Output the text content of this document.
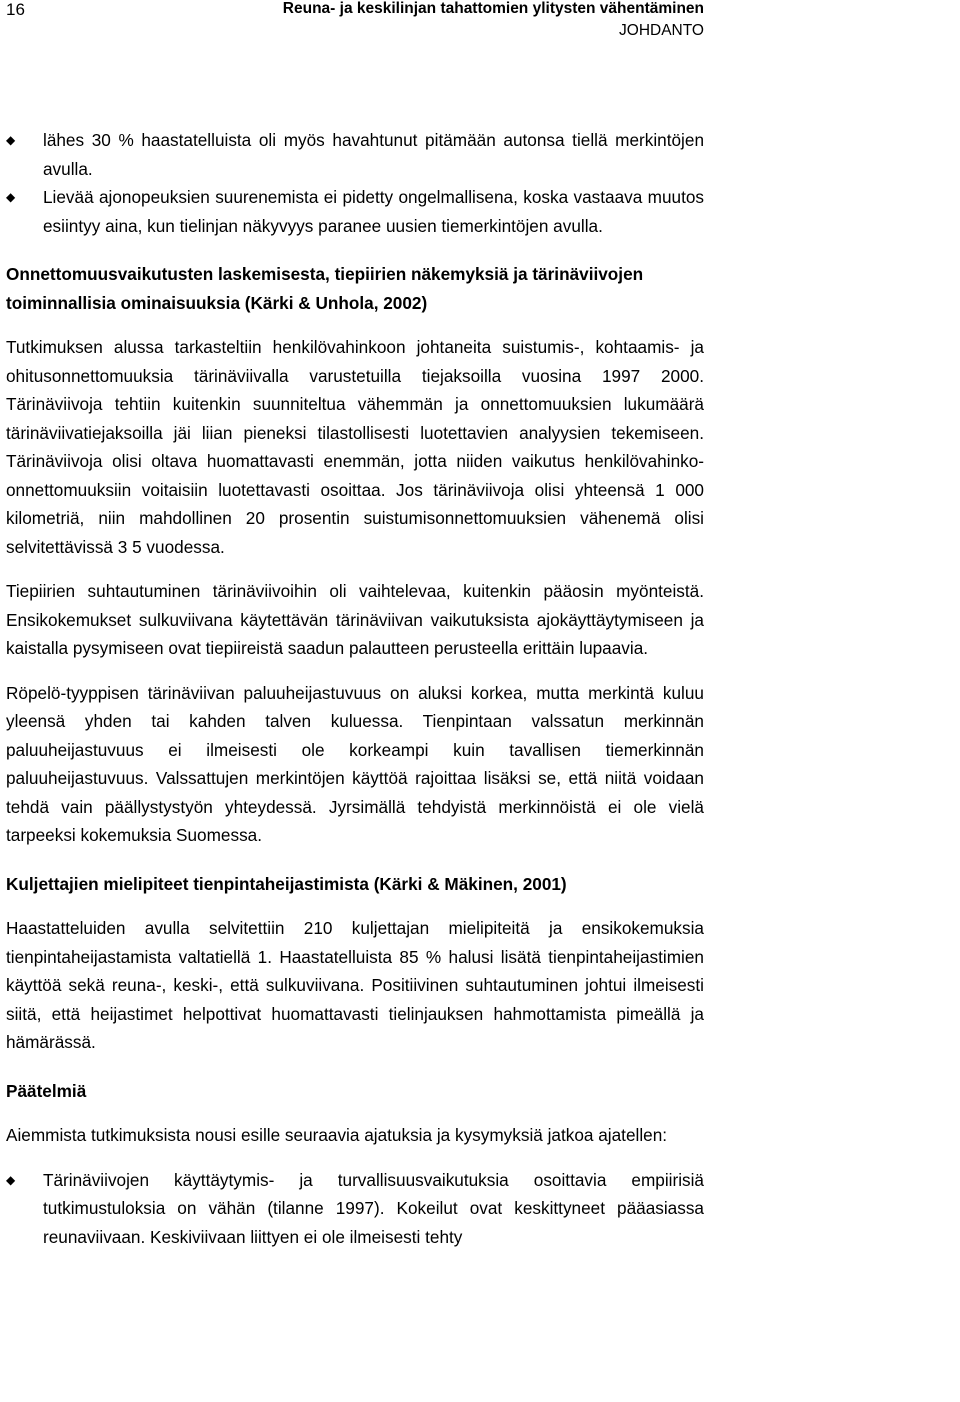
16	Reuna- ja keskilinjan tahattomien ylitysten vähentäminen
JOHDANTO
◆ lähes 30 % haastatelluista oli myös havahtunut pitämään autonsa tiellä merkintöjen avulla.
◆ Lievää ajonopeuksien suurenemista ei pidetty ongelmallisena, koska vastaava muutos esiintyy aina, kun tielinjan näkyvyys paranee uusien tiemerkintöjen avulla.
Onnettomuusvaikutusten laskemisesta, tiepiirien näkemyksiä ja tärinäviivojen toiminnallisia ominaisuuksia (Kärki & Unhola, 2002)

Tutkimuksen alussa tarkasteltiin henkilövahinkoon johtaneita suistumis-, kohtaamis- ja ohitusonnettomuuksia tärinäviivalla varustetuilla tiejaksoilla vuosina 1997 2000. Tärinäviivoja tehtiin kuitenkin suunniteltua vähemmän ja onnettomuuksien lukumäärä tärinäviivatiejaksoilla jäi liian pieneksi tilastollisesti luotettavien analyysien tekemiseen. Tärinäviivoja olisi oltava huomattavasti enemmän, jotta niiden vaikutus henkilövahinko-onnettomuuksiin voitaisiin luotettavasti osoittaa. Jos tärinäviivoja olisi yhteensä 1 000 kilometriä, niin mahdollinen 20 prosentin suistumisonnettomuuksien vähenemä olisi selvitettävissä 3 5 vuodessa.

Tiepiirien suhtautuminen tärinäviivoihin oli vaihtelevaa, kuitenkin pääosin myönteistä. Ensikokemukset sulkuviivana käytettävän tärinäviivan vaikutuksista ajokäyttäytymiseen ja kaistalla pysymiseen ovat tiepiireistä saadun palautteen perusteella erittäin lupaavia.

Röpelö-tyyppisen tärinäviivan paluuheijastuvuus on aluksi korkea, mutta merkintä kuluu yleensä yhden tai kahden talven kuluessa. Tienpintaan valssatun merkinnän paluuheijastuvuus ei ilmeisesti ole korkeampi kuin tavallisen tiemerkinnän paluuheijastuvuus. Valssattujen merkintöjen käyttöä rajoittaa lisäksi se, että niitä voidaan tehdä vain päällystystyön yhteydessä. Jyrsimällä tehdyistä merkinnöistä ei ole vielä tarpeeksi kokemuksia Suomessa.

Kuljettajien mielipiteet tienpintaheijastimista (Kärki & Mäkinen, 2001)

Haastatteluiden avulla selvitettiin 210 kuljettajan mielipiteitä ja ensikokemuksia tienpintaheijastamista valtatiellä 1. Haastatelluista 85 % halusi lisätä tienpintaheijastimien käyttöä sekä reuna-, keski-, että sulkuviivana. Positiivinen suhtautuminen johtui ilmeisesti siitä, että heijastimet helpottivat huomattavasti tielinjauksen hahmottamista pimeällä ja hämärässä.

Päätelmiä

Aiemmista tutkimuksista nousi esille seuraavia ajatuksia ja kysymyksiä jatkoa ajatellen:

◆ Tärinäviivojen käyttäytymis- ja turvallisuusvaikutuksia osoittavia empiirisiä tutkimustuloksia on vähän (tilanne 1997). Kokeilut ovat keskittyneet pääasiassa reunaviivaan. Keskiviivaan liittyen ei ole ilmeisesti tehty
